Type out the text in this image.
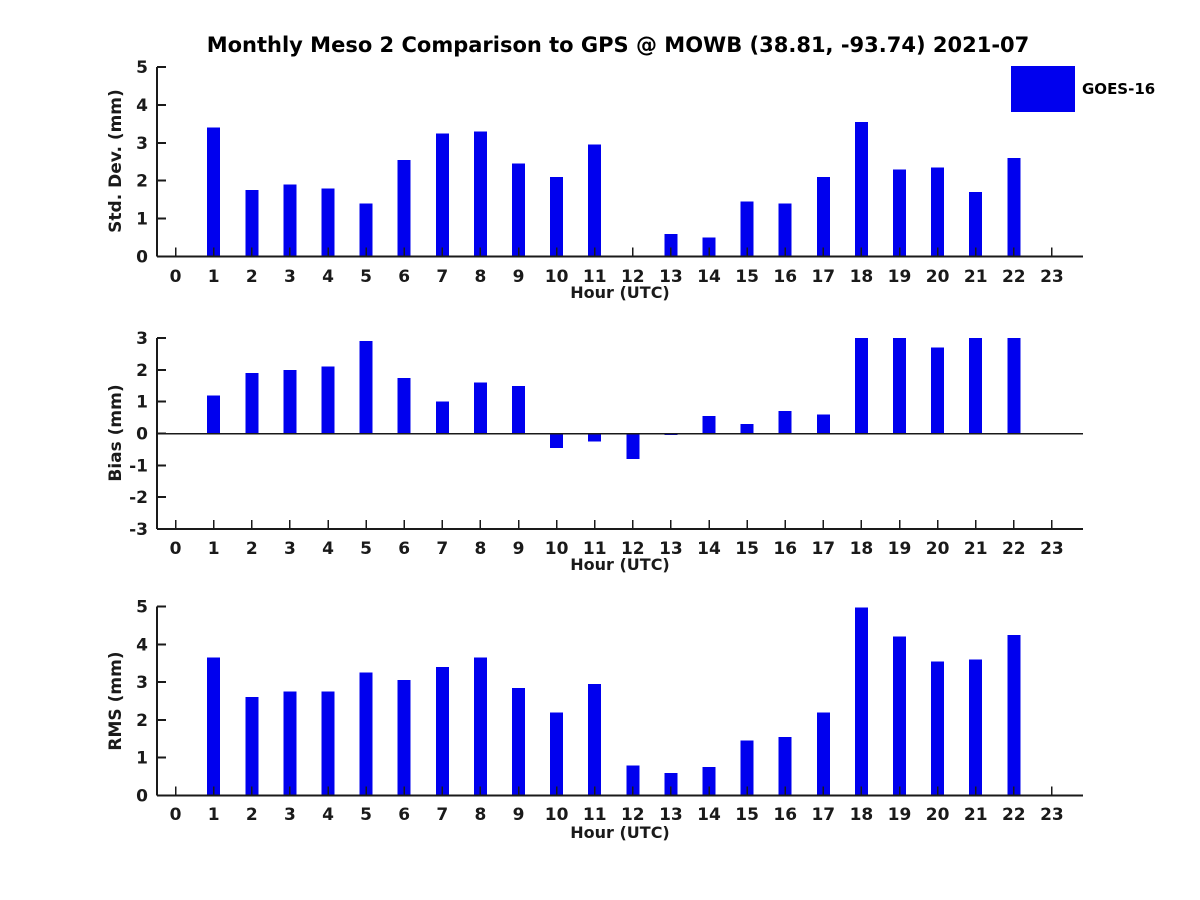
Monthly Meso 2 Comparison to GPS @ MOWB (38.81, -93.74) 2021-07
GOES-16
Std. Dev. (mm)
0
1
2
3
4
5
0 1 2 3 4 5 6 7 8 9 10 11 12 13 14 15 16 17 18 19 20 21 22 23
Hour (UTC)
Bias (mm)
-3
-2
-1
0
1
2
3
0 1 2 3 4 5 6 7 8 9 10 11 12 13 14 15 16 17 18 19 20 21 22 23
Hour (UTC)
RMS (mm)
0
1
2
3
4
5
0 1 2 3 4 5 6 7 8 9 10 11 12 13 14 15 16 17 18 19 20 21 22 23
Hour (UTC)
